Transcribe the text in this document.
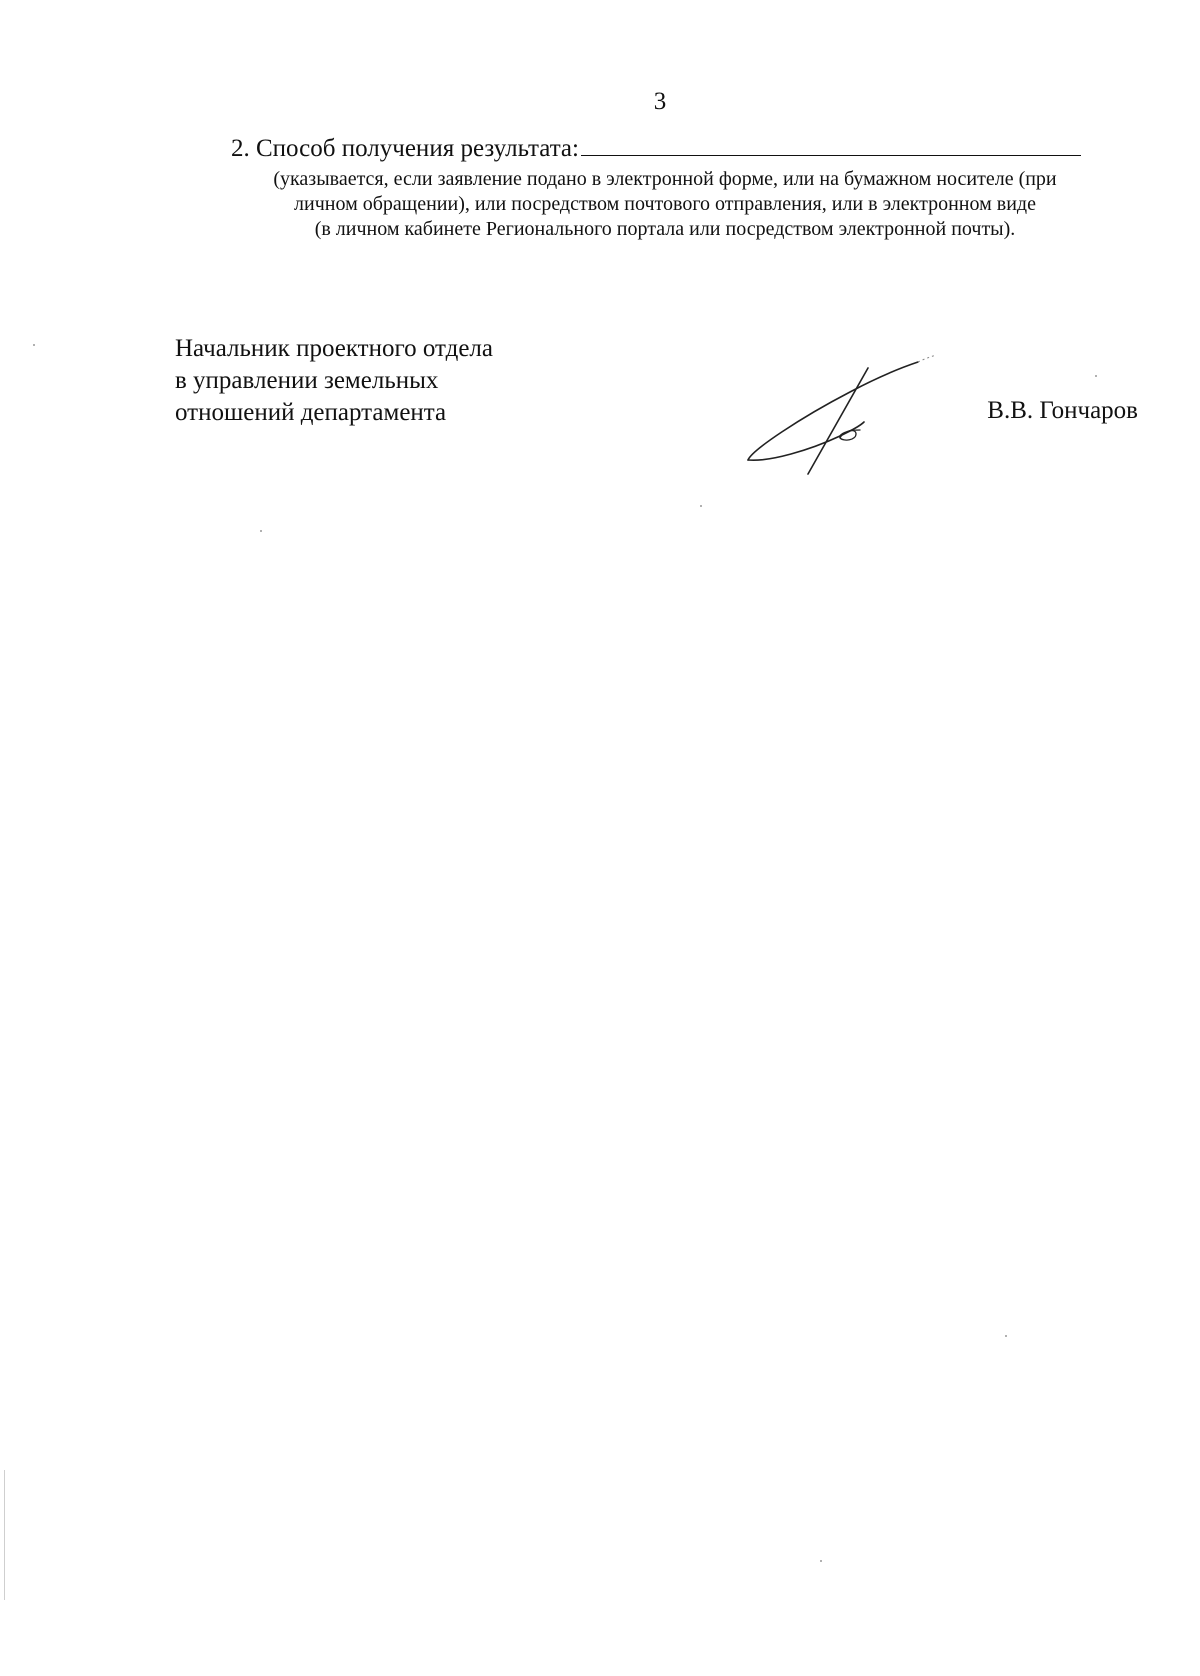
3
2. Способ получения результата:
(указывается, если заявление подано в электронной форме, или на бумажном носителе (при
личном обращении), или посредством почтового отправления, или в электронном виде
(в личном кабинете Регионального портала или посредством электронной почты).
Начальник проектного отдела
в управлении земельных
отношений департамента	В.В. Гончаров
